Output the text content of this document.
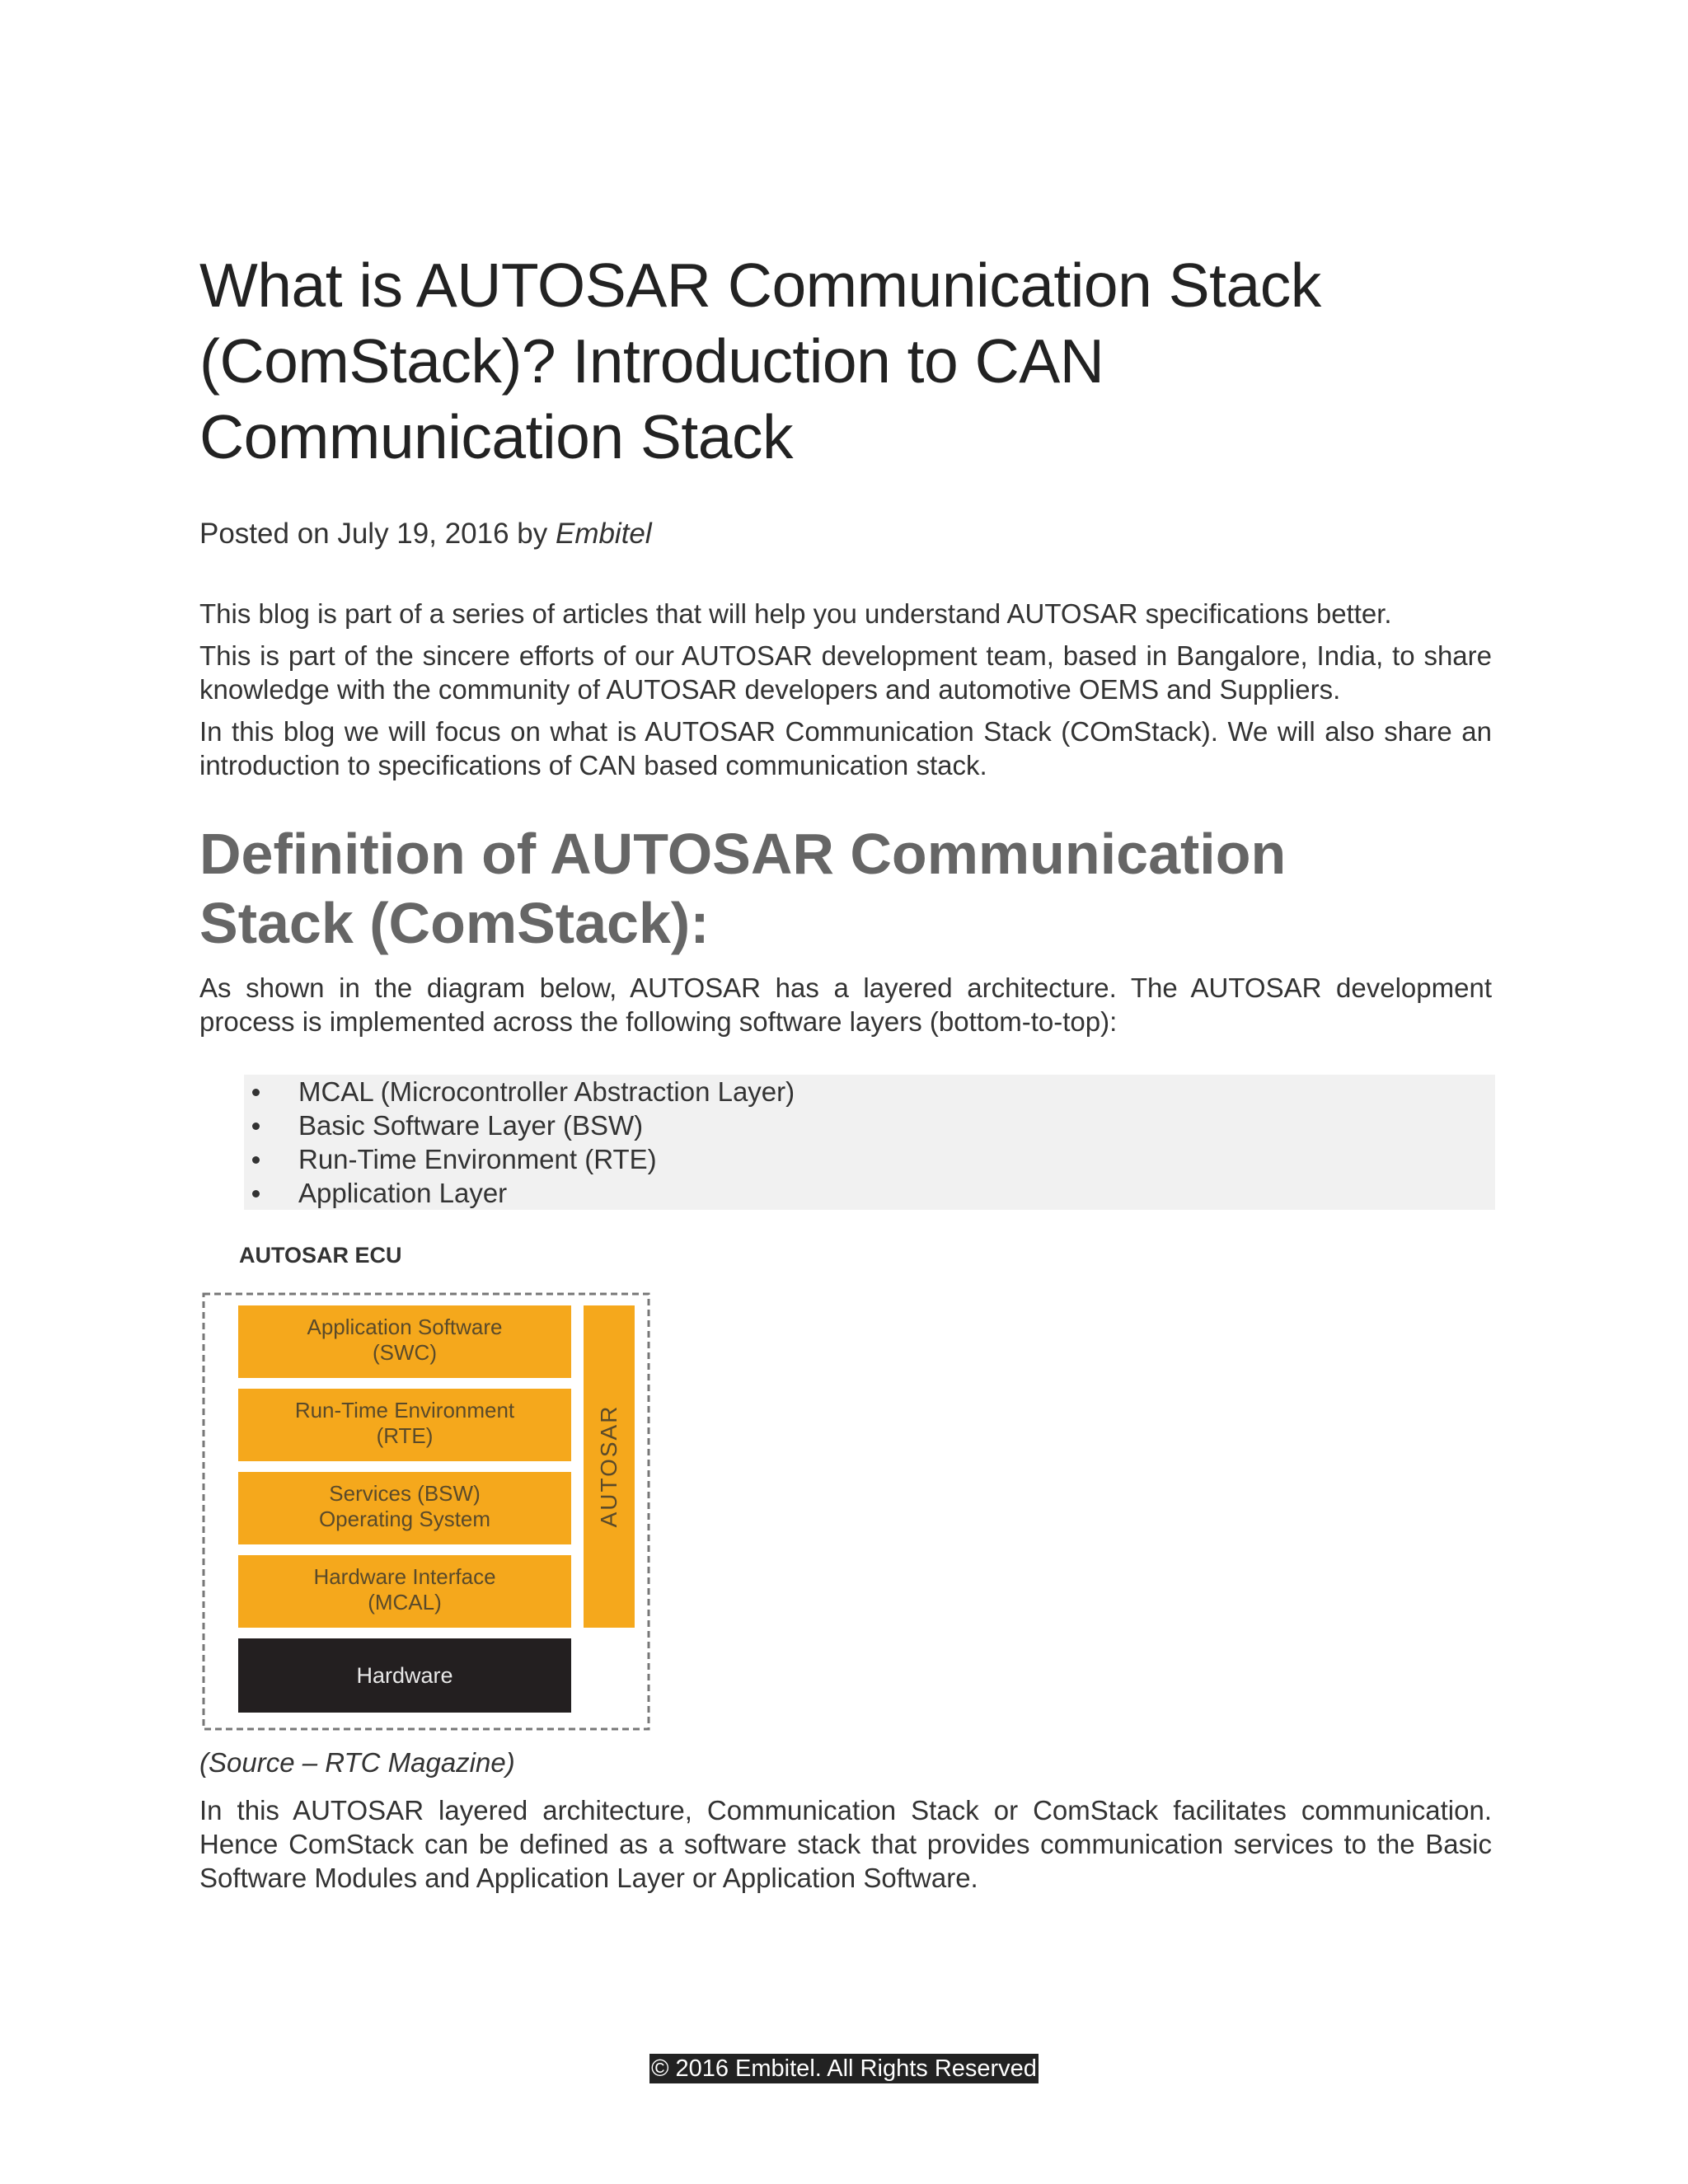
What is AUTOSAR Communication Stack
(ComStack)? Introduction to CAN
Communication Stack
Posted on July 19, 2016 by Embitel

This blog is part of a series of articles that will help you understand AUTOSAR specifications better.

This is part of the sincere efforts of our AUTOSAR development team, based in Bangalore, India, to share knowledge with the community of AUTOSAR developers and automotive OEMS and Suppliers.

In this blog we will focus on what is AUTOSAR Communication Stack (COmStack). We will also share an introduction to specifications of CAN based communication stack.

Definition of AUTOSAR Communication
Stack (ComStack):

As shown in the diagram below, AUTOSAR has a layered architecture. The AUTOSAR development process is implemented across the following software layers (bottom-to-top):

MCAL (Microcontroller Abstraction Layer)
Basic Software Layer (BSW)
Run-Time Environment (RTE)
Application Layer
AUTOSAR ECU
Application Software
(SWC)
Run-Time Environment
(RTE)
Services (BSW)
Operating System
Hardware Interface
(MCAL)
Hardware
AUTOSAR
(Source – RTC Magazine)

In this AUTOSAR layered architecture, Communication Stack or ComStack facilitates communication. Hence ComStack can be defined as a software stack that provides communication services to the Basic Software Modules and Application Layer or Application Software.

© 2016 Embitel. All Rights Reserved
